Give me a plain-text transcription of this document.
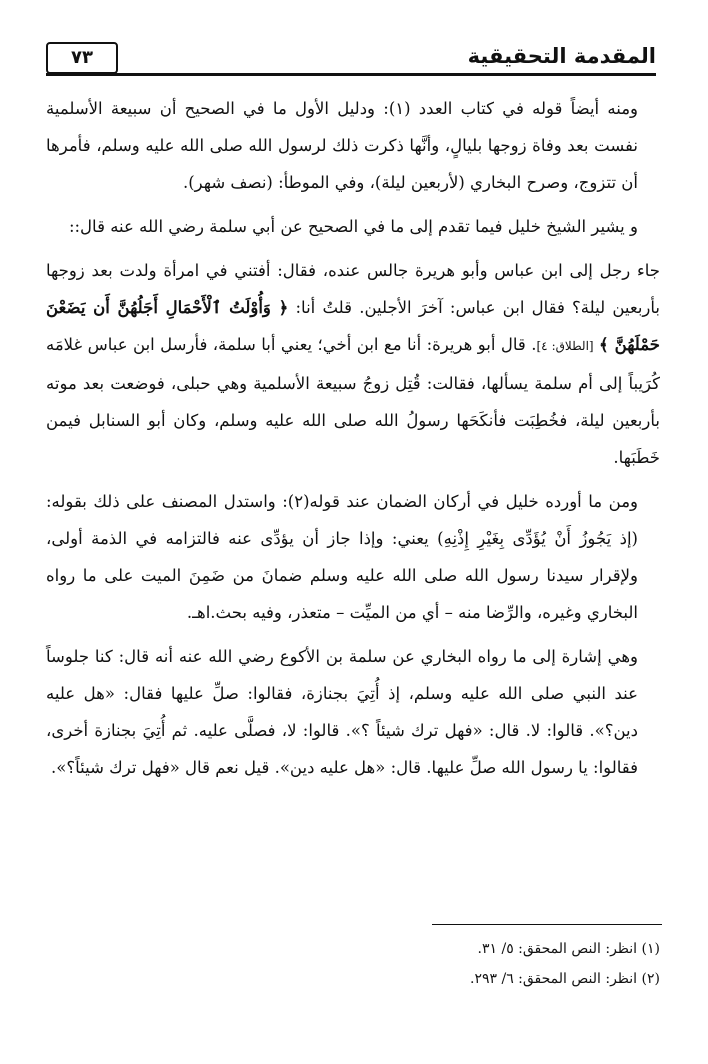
المقدمة التحقيقية
٧٣

ومنه أيضاً قوله في كتاب العدد (١): ودليل الأول ما في الصحيح أن سبيعة الأسلمية نفست بعد وفاة زوجها بليالٍ، وأنَّها ذكرت ذلك لرسول الله صلى الله عليه وسلم، فأمرها أن تتزوج، وصرح البخاري (لأربعين ليلة)، وفي الموطأ: (نصف شهر).

و يشير الشيخ خليل فيما تقدم إلى ما في الصحيح عن أبي سلمة رضي الله عنه قال::

جاء رجل إلى ابن عباس وأبو هريرة جالس عنده، فقال: أفتني في امرأة ولدت بعد زوجها بأربعين ليلة؟ فقال ابن عباس: آخرَ الأجلين. قلتُ أنا: ﴿ وَأُوْلَتُ ٱلْأَحْمَالِ أَجَلُهُنَّ أَن يَضَعْنَ حَمْلَهُنَّ ﴾ [الطلاق: ٤]. قال أبو هريرة: أنا مع ابن أخي؛ يعني أبا سلمة، فأرسل ابن عباس غلامَه كُرَيباً إلى أم سلمة يسألها، فقالت: قُتِل زوجُ سبيعة الأسلمية وهي حبلى، فوضعت بعد موته بأربعين ليلة، فخُطِبَت فأنكَحَها رسولُ الله صلى الله عليه وسلم، وكان أبو السنابل فيمن خَطَبَها.

ومن ما أورده خليل في أركان الضمان عند قوله(٢): واستدل المصنف على ذلك بقوله: (إذ يَجُوزُ أَنْ يُؤَدِّى بِغَيْرِ إِذْنِهِ) يعني: وإذا جاز أن يؤدِّى عنه فالتزامه في الذمة أولى، ولإقرار سيدنا رسول الله صلى الله عليه وسلم ضمانَ من ضَمِنَ الميت على ما رواه البخاري وغيره، والرِّضا منه – أي من الميِّت – متعذر، وفيه بحث.اهـ.

وهي إشارة إلى ما رواه البخاري عن سلمة بن الأكوع رضي الله عنه أنه قال: كنا جلوساً عند النبي صلى الله عليه وسلم، إذ أُتِيَ بجنازة، فقالوا: صلِّ عليها فقال: «هل عليه دين؟». قالوا: لا. قال: «فهل ترك شيئاً ؟». قالوا: لا، فصلَّى عليه. ثم أُتِيَ بجنازة أخرى، فقالوا: يا رسول الله صلِّ عليها. قال: «هل عليه دين». قيل نعم قال «فهل ترك شيئاً؟».

(١) انظر: النص المحقق: ٥/ ٣١.

(٢) انظر: النص المحقق: ٦/ ٢٩٣.
